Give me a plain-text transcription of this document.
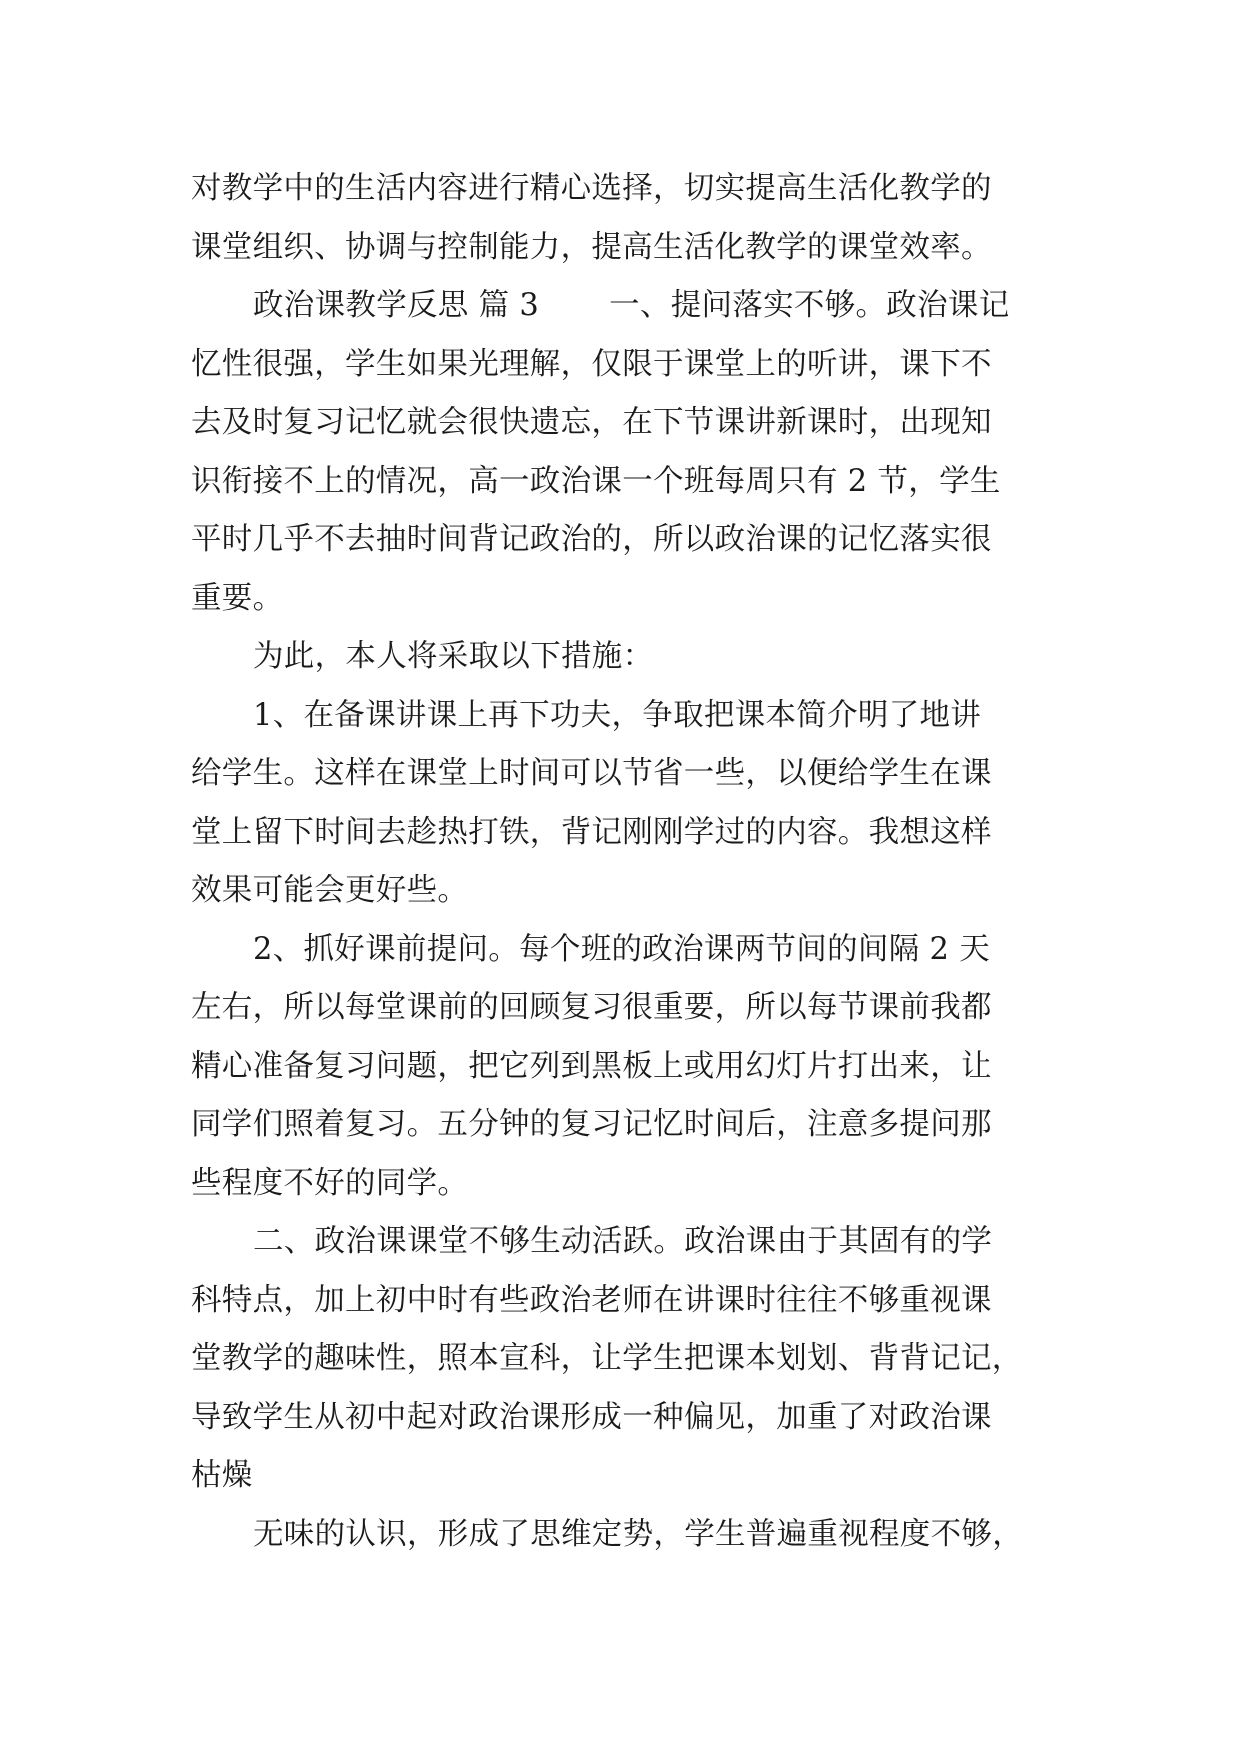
对教学中的生活内容进行精心选择，切实提高生活化教学的
课堂组织、协调与控制能力，提高生活化教学的课堂效率。
政治课教学反思 篇 3 一、提问落实不够。政治课记
忆性很强，学生如果光理解，仅限于课堂上的听讲，课下不
去及时复习记忆就会很快遗忘，在下节课讲新课时，出现知
识衔接不上的情况，高一政治课一个班每周只有 2 节，学生
平时几乎不去抽时间背记政治的，所以政治课的记忆落实很
重要。
为此，本人将采取以下措施：
1、在备课讲课上再下功夫，争取把课本简介明了地讲
给学生。这样在课堂上时间可以节省一些，以便给学生在课
堂上留下时间去趁热打铁，背记刚刚学过的内容。我想这样
效果可能会更好些。
2、抓好课前提问。每个班的政治课两节间的间隔 2 天
左右，所以每堂课前的回顾复习很重要，所以每节课前我都
精心准备复习问题，把它列到黑板上或用幻灯片打出来，让
同学们照着复习。五分钟的复习记忆时间后，注意多提问那
些程度不好的同学。
二、政治课课堂不够生动活跃。政治课由于其固有的学
科特点，加上初中时有些政治老师在讲课时往往不够重视课
堂教学的趣味性，照本宣科，让学生把课本划划、背背记记，
导致学生从初中起对政治课形成一种偏见，加重了对政治课
枯燥
无味的认识，形成了思维定势，学生普遍重视程度不够，
